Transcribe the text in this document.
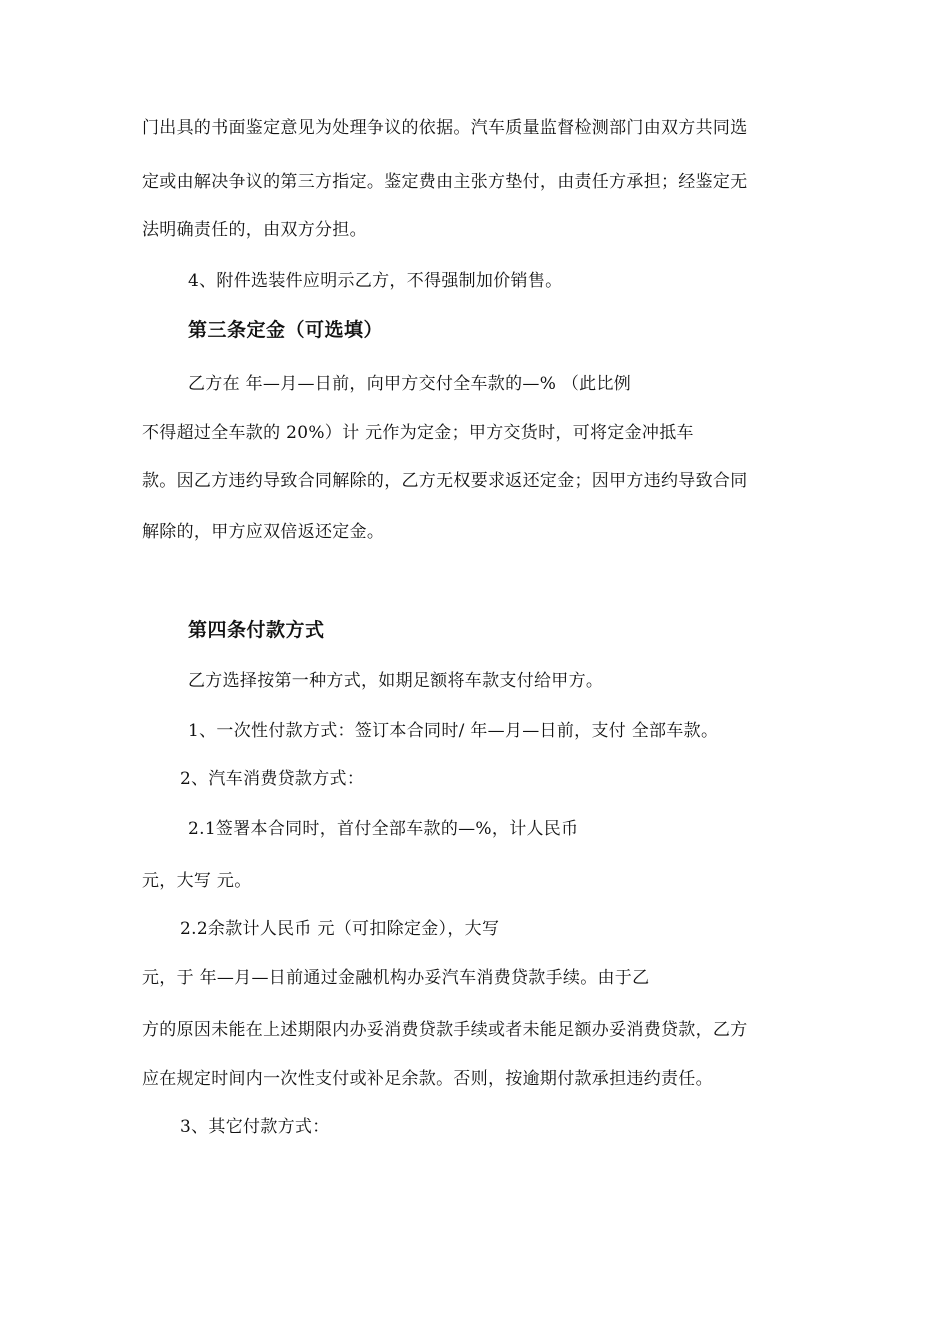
门出具的书面鉴定意见为处理争议的依据。汽车质量监督检测部门由双方共同选
定或由解决争议的第三方指定。鉴定费由主张方垫付，由责任方承担；经鉴定无
法明确责任的，由双方分担。
4、附件选装件应明示乙方，不得强制加价销售。
第三条定金（可选填）
乙方在 年—月—日前，向甲方交付全车款的—% （此比例
不得超过全车款的 20%）计 元作为定金；甲方交货时，可将定金冲抵车
款。因乙方违约导致合同解除的，乙方无权要求返还定金；因甲方违约导致合同
解除的，甲方应双倍返还定金。
第四条付款方式
乙方选择按第一种方式，如期足额将车款支付给甲方。
1、一次性付款方式：签订本合同时/ 年—月—日前，支付 全部车款。
2、汽车消费贷款方式：
2.1签署本合同时，首付全部车款的—%，计人民币
元，大写 元。
2.2余款计人民币 元（可扣除定金），大写
元，于 年—月—日前通过金融机构办妥汽车消费贷款手续。由于乙
方的原因未能在上述期限内办妥消费贷款手续或者未能足额办妥消费贷款，乙方
应在规定时间内一次性支付或补足余款。否则，按逾期付款承担违约责任。
3、其它付款方式：
